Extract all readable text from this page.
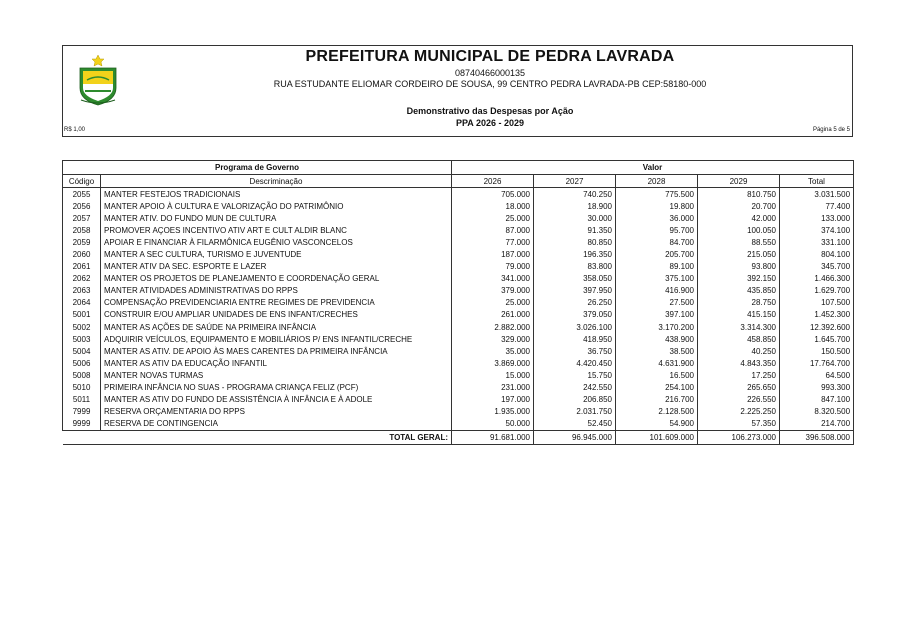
PREFEITURA MUNICIPAL DE PEDRA LAVRADA
08740466000135
RUA ESTUDANTE ELIOMAR CORDEIRO DE SOUSA, 99 CENTRO PEDRA LAVRADA-PB CEP:58180-000
Demonstrativo das Despesas por Ação
PPA 2026 - 2029
R$ 1,00	Página 5 de 5
Programa de Governo		Valor				
Código	Descriminação	2026	2027	2028	2029	Total
2055	MANTER FESTEJOS TRADICIONAIS	705.000	740.250	775.500	810.750	3.031.500
2056	MANTER APOIO À CULTURA E VALORIZAÇÃO DO PATRIMÔNIO	18.000	18.900	19.800	20.700	77.400
2057	MANTER ATIV. DO FUNDO MUN DE CULTURA	25.000	30.000	36.000	42.000	133.000
2058	PROMOVER AÇOES INCENTIVO ATIV ART E CULT ALDIR BLANC	87.000	91.350	95.700	100.050	374.100
2059	APOIAR E FINANCIAR À FILARMÔNICA EUGÊNIO VASCONCELOS	77.000	80.850	84.700	88.550	331.100
2060	MANTER A SEC CULTURA, TURISMO E JUVENTUDE	187.000	196.350	205.700	215.050	804.100
2061	MANTER ATIV DA SEC. ESPORTE E LAZER	79.000	83.800	89.100	93.800	345.700
2062	MANTER OS PROJETOS DE PLANEJAMENTO E COORDENAÇÃO GERAL	341.000	358.050	375.100	392.150	1.466.300
2063	MANTER ATIVIDADES ADMINISTRATIVAS DO RPPS	379.000	397.950	416.900	435.850	1.629.700
2064	COMPENSAÇÃO PREVIDENCIARIA ENTRE REGIMES DE PREVIDENCIA	25.000	26.250	27.500	28.750	107.500
5001	CONSTRUIR E/OU AMPLIAR UNIDADES DE ENS INFANT/CRECHES	261.000	379.050	397.100	415.150	1.452.300
5002	MANTER AS AÇÕES DE SAÚDE NA PRIMEIRA INFÂNCIA	2.882.000	3.026.100	3.170.200	3.314.300	12.392.600
5003	ADQUIRIR VEÍCULOS, EQUIPAMENTO E MOBILIÁRIOS P/ ENS INFANTIL/CRECHE	329.000	418.950	438.900	458.850	1.645.700
5004	MANTER AS ATIV. DE APOIO ÀS MAES CARENTES DA PRIMEIRA INFÂNCIA	35.000	36.750	38.500	40.250	150.500
5006	MANTER AS ATIV DA EDUCAÇÃO INFANTIL	3.869.000	4.420.450	4.631.900	4.843.350	17.764.700
5008	MANTER NOVAS TURMAS	15.000	15.750	16.500	17.250	64.500
5010	PRIMEIRA INFÂNCIA NO SUAS - PROGRAMA CRIANÇA FELIZ (PCF)	231.000	242.550	254.100	265.650	993.300
5011	MANTER AS ATIV DO FUNDO DE ASSISTÊNCIA À INFÂNCIA E À ADOLE	197.000	206.850	216.700	226.550	847.100
7999	RESERVA ORÇAMENTARIA DO RPPS	1.935.000	2.031.750	2.128.500	2.225.250	8.320.500
9999	RESERVA DE CONTINGENCIA	50.000	52.450	54.900	57.350	214.700
TOTAL GERAL:		91.681.000	96.945.000	101.609.000	106.273.000	396.508.000
